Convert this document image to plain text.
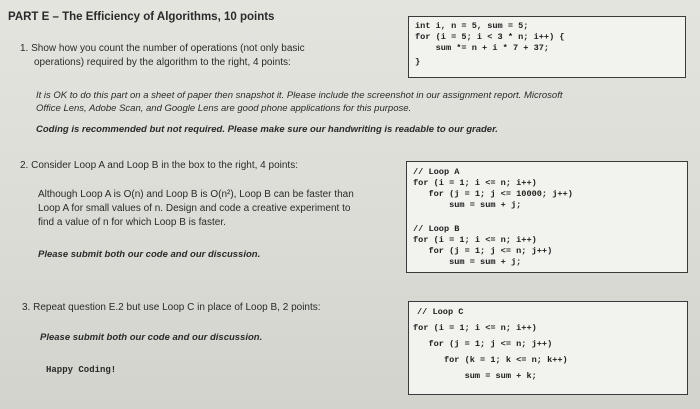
PART E – The Efficiency of Algorithms, 10 points
1. Show how you count the number of operations (not only basic
operations) required by the algorithm to the right, 4 points:
int i, n = 5, sum = 5;
for (i = 5; i < 3 * n; i++) {
sum *= n + i * 7 + 37;
}
It is OK to do this part on a sheet of paper then snapshot it. Please include the screenshot in our assignment report. Microsoft
Office Lens, Adobe Scan, and Google Lens are good phone applications for this purpose.
Coding is recommended but not required. Please make sure our handwriting is readable to our grader.
2. Consider Loop A and Loop B in the box to the right, 4 points:
Although Loop A is O(n) and Loop B is O(n²), Loop B can be faster than
Loop A for small values of n. Design and code a creative experiment to
find a value of n for which Loop B is faster.
Please submit both our code and our discussion.
// Loop A
for (i = 1; i <= n; i++)
for (j = 1; j <= 10000; j++)
sum = sum + j;
// Loop B
for (i = 1; i <= n; i++)
for (j = 1; j <= n; j++)
sum = sum + j;
3. Repeat question E.2 but use Loop C in place of Loop B, 2 points:
Please submit both our code and our discussion.
Happy Coding!
// Loop C
for (i = 1; i <= n; i++)
for (j = 1; j <= n; j++)
for (k = 1; k <= n; k++)
sum = sum + k;
